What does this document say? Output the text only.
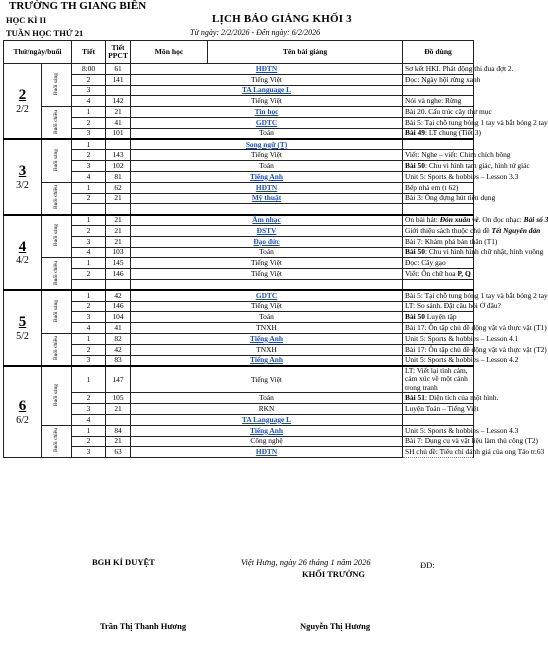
TRƯỜNG TH GIANG BIÊN
HỌC KÌ II
TUẦN HỌC THỨ 21
LỊCH BÁO GIẢNG KHỐI 3
Từ ngày: 2/2/2026 - Đến ngày: 6/2/2026
Thứ/ngày/buổi		Tiết	Tiết PPCT	Môn học	Tên bài giảng	Đồ dùng	

2
2/2	Buổi sáng	8:00	61	HĐTN		Sơ kết HKI. Phát động thi đua đợt 2.	
		2	141	Tiếng Việt		Đọc: Ngày hội rừng xanh	
		3		TA Language L			
		4	142	Tiếng Việt		Nói và nghe: Rừng	
	Buổi chiều	1	21	Tin học		Bài 20. Cấu trúc cây thư mục	
		2	41	GDTC		Bài 5: Tại chỗ tung bóng 1 tay và bắt bóng 2 tay	
		3	101	Toán		Bài 49: LT chung (Tiết 3)	

3
3/2	Buổi sáng	1		Song ngữ (T)			
		2	143	Tiếng Việt		Viết: Nghe – viết: Chim chích bông	
		3	102	Toán		Bài 50: Chu vi hình tam giác, hình tứ giác	
		4	81	Tiếng Anh		Unit 5: Sports & hobbies – Lesson 3.3	
	Buổi chiều	1	62	HĐTN		Bếp nhà em (t 62)	
		2	21	Mỹ thuật		Bài 3: Ống đựng hút tiện dụng	

4
4/2	Buổi sáng	1	21	Âm nhạc		On bài hát: Đón xuân về. On đọc nhạc: Bài số 3	
		2	21	ĐSTV		Giới thiệu sách thuộc chủ đề Tết Nguyên đán	
		3	21	Đạo đức		Bài 7: Khám phá bản thân (T1)	
		4	103	Toán		Bài 50: Chu vi hình hình chữ nhật, hình vuông	
	Buổi chiều	1	145	Tiếng Việt		Đọc: Cây gạo	
		2	146	Tiếng Việt		Viết: Ôn chữ hoa P, Q	

5
5/2	Buổi sáng	1	42	GDTC		Bài 5: Tại chỗ tung bóng 1 tay và bắt bóng 2 tay	
		2	146	Tiếng Việt		LT: So sánh. Đặt câu hỏi Ở đâu?	
		3	104	Toán		Bài 50 Luyện tập	
		4	41	TNXH		Bài 17: Ôn tập chủ đề động vật và thực vật (T1)	
	Buổi chiều	1	82	Tiếng Anh		Unit 5: Sports & hobbies – Lesson 4.1	
		2	42	TNXH		Bài 17: Ôn tập chủ đề động vật và thực vật (T2)	
		3	83	Tiếng Anh		Unit 5: Sports & hobbies – Lesson 4.2	

6
6/2	Buổi sáng	1	147	Tiếng Việt		LT: Viết lại tình cảm, cảm xúc về một cảnh trong tranh	
		2	105	Toán		Bài 51: Diện tích của một hình.	
		3	21	RKN		Luyện Toán – Tiếng Việt	
		4		TA Language L			
	Buổi chiều	1	84	Tiếng Anh		Unit 5: Sports & hobbies – Lesson 4.3	
		2	21	Công nghệ		Bài 7: Dụng cụ và vật liệu làm thủ công (T2)	
		3	63	HĐTN		SH chủ đề: Tiêu chí đánh giá của ong Táo tr.63	
BGH KÍ DUYỆT	Việt Hưng, ngày 26 tháng 1 năm 2026	ĐD:
KHỐI TRƯỞNG
Trần Thị Thanh Hương	Nguyễn Thị Hương
